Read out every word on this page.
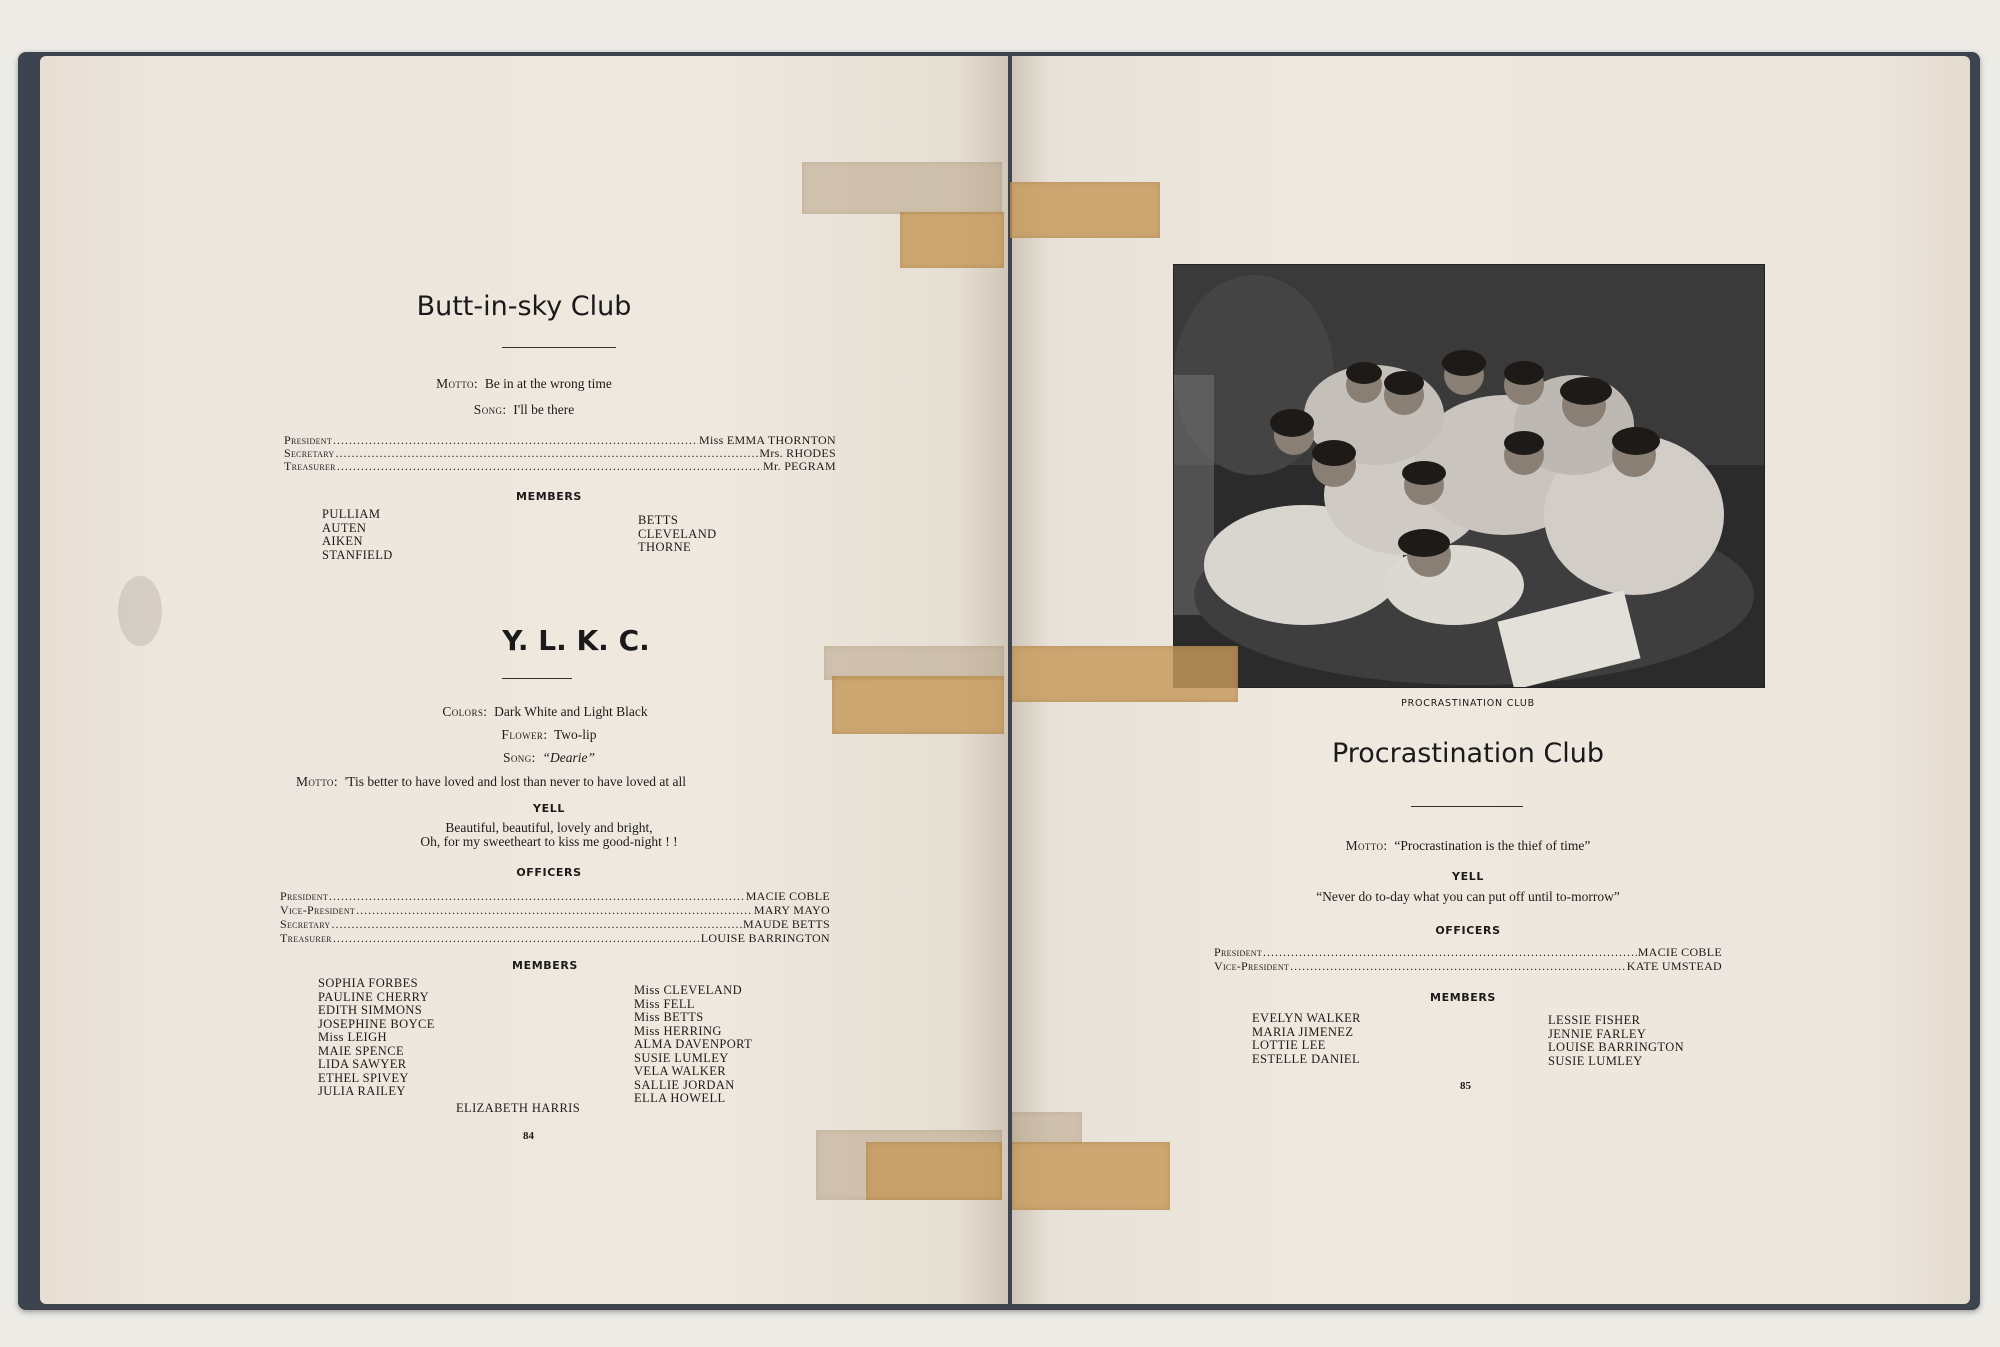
Butt-in-sky Club
Motto: Be in at the wrong time
Song: I'll be there
President .....	Miss EMMA THORNTON
Secretary .....	Mrs. RHODES
Treasurer .....	Mr. PEGRAM
MEMBERS
PULLIAM
AUTEN
AIKEN
STANFIELD
BETTS
CLEVELAND
THORNE
Y. L. K. C.
Colors: Dark White and Light Black
Flower: Two-lip
Song: “Dearie”
Motto: 'Tis better to have loved and lost than never to have loved at all
YELL
Beautiful, beautiful, lovely and bright,
Oh, for my sweetheart to kiss me good-night ! !
OFFICERS
President .....	MACIE COBLE
Vice-President .....	MARY MAYO
Secretary .....	MAUDE BETTS
Treasurer .....	LOUISE BARRINGTON
MEMBERS
SOPHIA FORBES
PAULINE CHERRY
EDITH SIMMONS
JOSEPHINE BOYCE
Miss LEIGH
MAIE SPENCE
LIDA SAWYER
ETHEL SPIVEY
JULIA RAILEY
Miss CLEVELAND
Miss FELL
Miss BETTS
Miss HERRING
ALMA DAVENPORT
SUSIE LUMLEY
VELA WALKER
SALLIE JORDAN
ELLA HOWELL
ELIZABETH HARRIS
84
PROCRASTINATION CLUB
Procrastination Club
Motto: “Procrastination is the thief of time”
YELL
“Never do to-day what you can put off until to-morrow”
OFFICERS
President .....	MACIE COBLE
Vice-President .....	KATE UMSTEAD
MEMBERS
EVELYN WALKER
MARIA JIMENEZ
LOTTIE LEE
ESTELLE DANIEL
LESSIE FISHER
JENNIE FARLEY
LOUISE BARRINGTON
SUSIE LUMLEY
85
